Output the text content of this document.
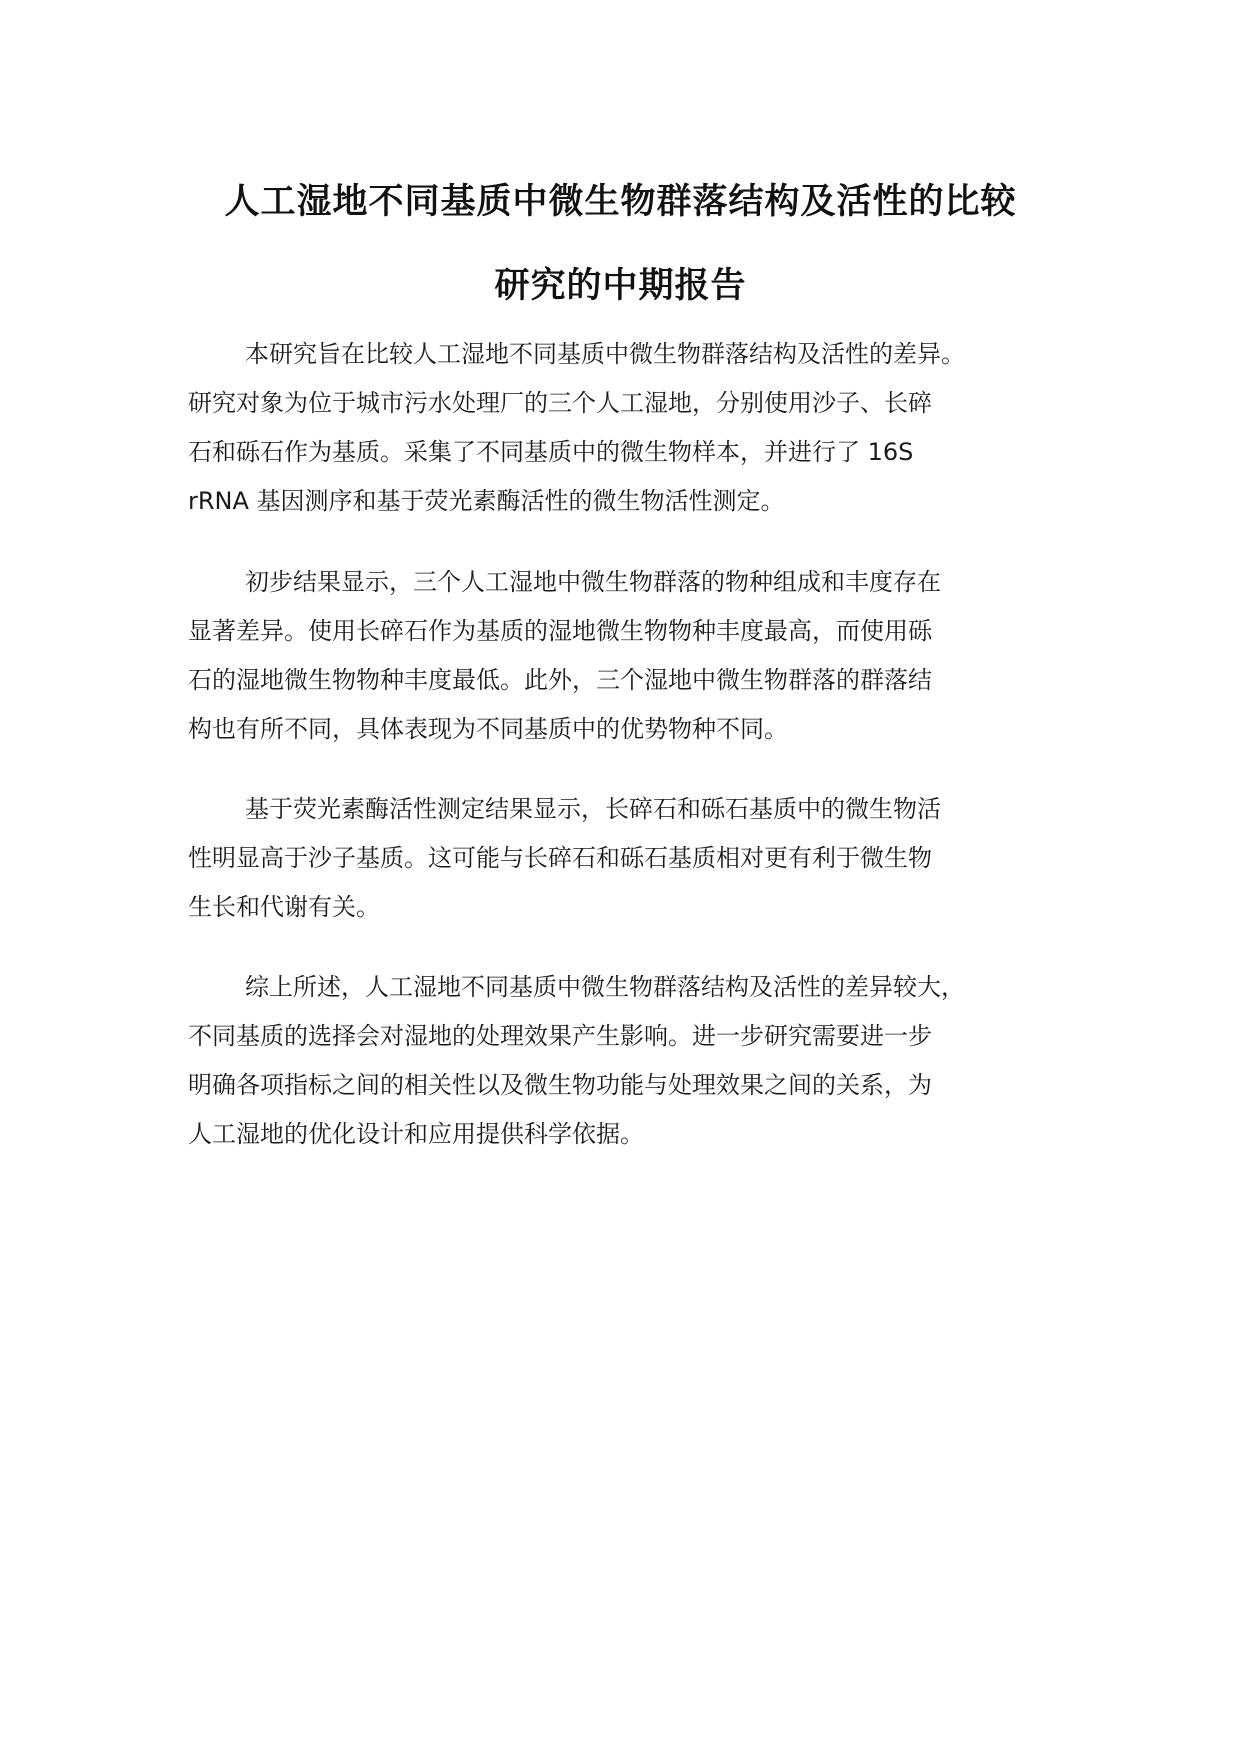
人工湿地不同基质中微生物群落结构及活性的比较
研究的中期报告
本研究旨在比较人工湿地不同基质中微生物群落结构及活性的差异。
研究对象为位于城市污水处理厂的三个人工湿地，分别使用沙子、长碎
石和砾石作为基质。采集了不同基质中的微生物样本，并进行了 16S
rRNA 基因测序和基于荧光素酶活性的微生物活性测定。
初步结果显示，三个人工湿地中微生物群落的物种组成和丰度存在
显著差异。使用长碎石作为基质的湿地微生物物种丰度最高，而使用砾
石的湿地微生物物种丰度最低。此外，三个湿地中微生物群落的群落结
构也有所不同，具体表现为不同基质中的优势物种不同。
基于荧光素酶活性测定结果显示，长碎石和砾石基质中的微生物活
性明显高于沙子基质。这可能与长碎石和砾石基质相对更有利于微生物
生长和代谢有关。
综上所述，人工湿地不同基质中微生物群落结构及活性的差异较大，
不同基质的选择会对湿地的处理效果产生影响。进一步研究需要进一步
明确各项指标之间的相关性以及微生物功能与处理效果之间的关系，为
人工湿地的优化设计和应用提供科学依据。
